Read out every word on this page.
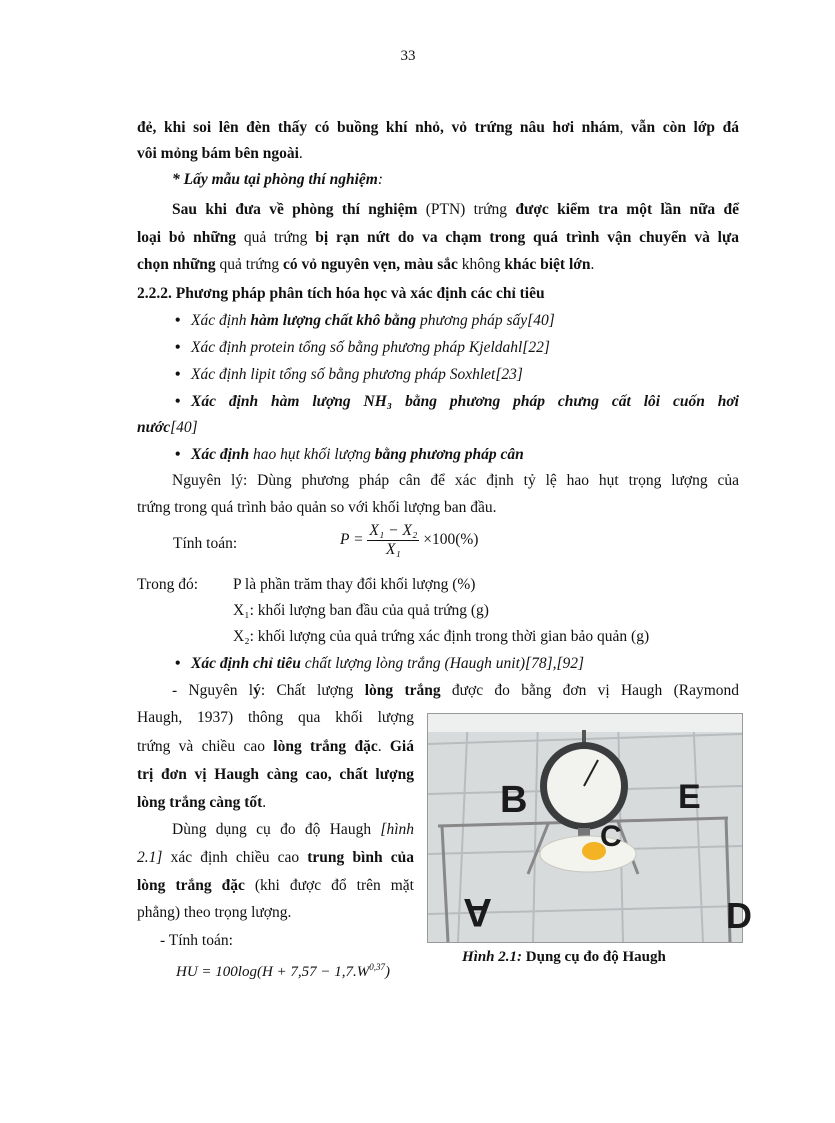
33
đẻ, khi soi lên đèn thấy có buồng khí nhỏ, vỏ trứng nâu hơi nhám, vẫn còn lớp đá
vôi mỏng bám bên ngoài.
* Lấy mẫu tại phòng thí nghiệm:
Sau khi đưa về phòng thí nghiệm (PTN) trứng được kiểm tra một lần nữa để
loại bỏ những quả trứng bị rạn nứt do va chạm trong quá trình vận chuyển và lựa
chọn những quả trứng có vỏ nguyên vẹn, màu sắc không khác biệt lớn.
2.2.2. Phương pháp phân tích hóa học và xác định các chỉ tiêu
• Xác định hàm lượng chất khô bằng phương pháp sấy[40]
• Xác định protein tổng số bằng phương pháp Kjeldahl[22]
• Xác định lipit tổng số bằng phương pháp Soxhlet[23]
• Xác định hàm lượng NH₃ bằng phương pháp chưng cất lôi cuốn hơi
nước[40]
• Xác định hao hụt khối lượng bằng phương pháp cân
Nguyên lý: Dùng phương pháp cân để xác định tỷ lệ hao hụt trọng lượng của
trứng trong quá trình bảo quản so với khối lượng ban đầu.
Tính toán:	$P = \frac{\text{X₁ − X₂}}{\text{X₁}} \times 100(\%)$
Trong đó:	P là phần trăm thay đổi khối lượng (%)
X₁: khối lượng ban đầu của quả trứng (g)
X₂: khối lượng của quả trứng xác định trong thời gian bảo quản (g)
• Xác định chỉ tiêu chất lượng lòng trắng (Haugh unit)[78],[92]
- Nguyên lý: Chất lượng lòng trắng được đo bằng đơn vị Haugh (Raymond
Haugh, 1937) thông qua khối lượng
trứng và chiều cao lòng trắng đặc. Giá
trị đơn vị Haugh càng cao, chất lượng
lòng trắng càng tốt.
Dùng dụng cụ đo độ Haugh [hình
2.1] xác định chiều cao trung bình của
lòng trắng đặc (khi được đổ trên mặt
phẳng) theo trọng lượng.
- Tính toán:
HU = $100\log(H + 7,57 - 1,7.W^{0,37})$
B	E
C
A	D
Hình 2.1: Dụng cụ đo độ Haugh
